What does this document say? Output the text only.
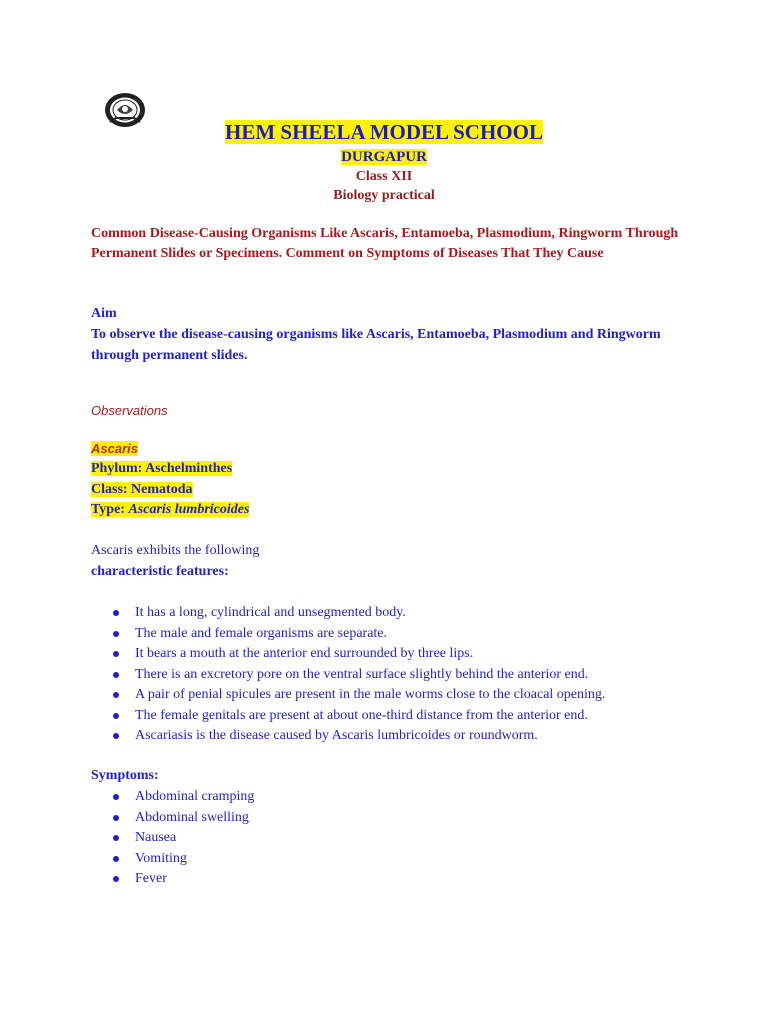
HEM SHEELA MODEL SCHOOL
DURGAPUR
Class XII
Biology practical
Common Disease-Causing Organisms Like Ascaris, Entamoeba, Plasmodium, Ringworm Through Permanent Slides or Specimens. Comment on Symptoms of Diseases That They Cause
Aim
To observe the disease-causing organisms like Ascaris, Entamoeba, Plasmodium and Ringworm through permanent slides.
Observations
Ascaris
Phylum: Aschelminthes
Class: Nematoda
Type: Ascaris lumbricoides
Ascaris exhibits the following
characteristic features:
It has a long, cylindrical and unsegmented body.
The male and female organisms are separate.
It bears a mouth at the anterior end surrounded by three lips.
There is an excretory pore on the ventral surface slightly behind the anterior end.
A pair of penial spicules are present in the male worms close to the cloacal opening.
The female genitals are present at about one-third distance from the anterior end.
Ascariasis is the disease caused by Ascaris lumbricoides or roundworm.
Symptoms:
Abdominal cramping
Abdominal swelling
Nausea
Vomiting
Fever
